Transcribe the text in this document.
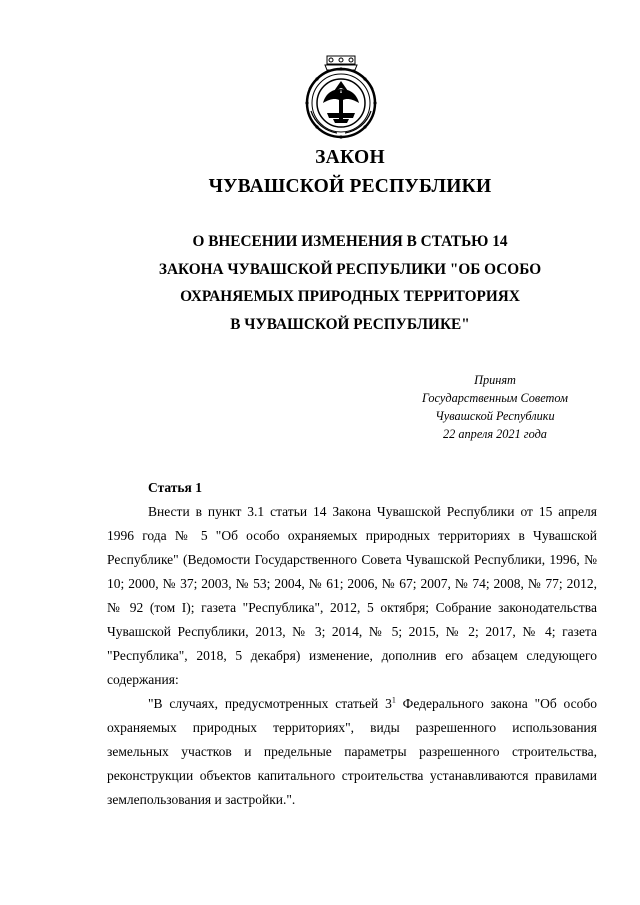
ЗАКОН
ЧУВАШСКОЙ РЕСПУБЛИКИ
О ВНЕСЕНИИ ИЗМЕНЕНИЯ В СТАТЬЮ 14
ЗАКОНА ЧУВАШСКОЙ РЕСПУБЛИКИ "ОБ ОСОБО
ОХРАНЯЕМЫХ ПРИРОДНЫХ ТЕРРИТОРИЯХ
В ЧУВАШСКОЙ РЕСПУБЛИКЕ"
Принят
Государственным Советом
Чувашской Республики
22 апреля 2021 года
Статья 1

Внести в пункт 3.1 статьи 14 Закона Чувашской Республики от 15 апреля 1996 года № 5 "Об особо охраняемых природных территориях в Чувашской Республике" (Ведомости Государственного Совета Чувашской Республики, 1996, № 10; 2000, № 37; 2003, № 53; 2004, № 61; 2006, № 67; 2007, № 74; 2008, № 77; 2012, № 92 (том I); газета "Республика", 2012, 5 октября; Собрание законодательства Чувашской Республики, 2013, № 3; 2014, № 5; 2015, № 2; 2017, № 4; газета "Республика", 2018, 5 декабря) изменение, дополнив его абзацем следующего содержания:

"В случаях, предусмотренных статьей $3^1$ Федерального закона "Об особо охраняемых природных территориях", виды разрешенного использования земельных участков и предельные параметры разрешенного строительства, реконструкции объектов капитального строительства устанавливаются правилами землепользования и застройки.".
